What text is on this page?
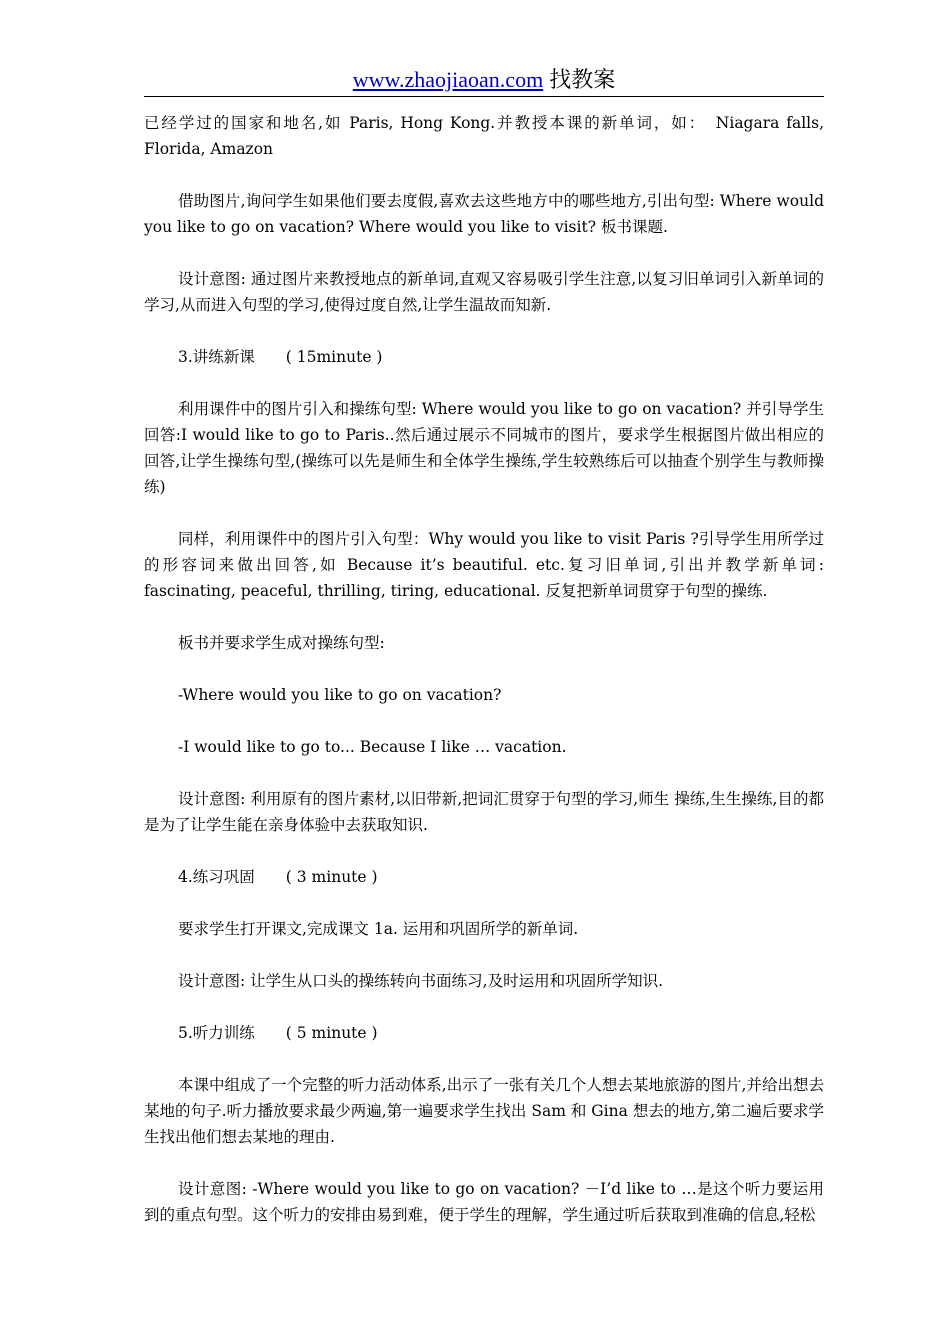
www.zhaojiaoan.com 找教案

已经学过的国家和地名,如 Paris, Hong Kong.并教授本课的新单词，如：　Niagara falls, Florida, Amazon

借助图片,询问学生如果他们要去度假,喜欢去这些地方中的哪些地方,引出句型: Where would you like to go on vacation? Where would you like to visit? 板书课题.

设计意图: 通过图片来教授地点的新单词,直观又容易吸引学生注意,以复习旧单词引入新单词的学习,从而进入句型的学习,使得过度自然,让学生温故而知新.

3.讲练新课　　( 15minute )

利用课件中的图片引入和操练句型: Where would you like to go on vacation? 并引导学生回答:I would like to go to Paris..然后通过展示不同城市的图片，要求学生根据图片做出相应的回答,让学生操练句型,(操练可以先是师生和全体学生操练,学生较熟练后可以抽查个别学生与教师操练)

同样，利用课件中的图片引入句型：Why would you like to visit Paris ?引导学生用所学过的形容词来做出回答,如 Because it’s beautiful. etc.复习旧单词,引出并教学新单词: fascinating, peaceful, thrilling, tiring, educational. 反复把新单词贯穿于句型的操练.

板书并要求学生成对操练句型:

-Where would you like to go on vacation?

-I would like to go to... Because I like … vacation.

设计意图: 利用原有的图片素材,以旧带新,把词汇贯穿于句型的学习,师生 操练,生生操练,目的都是为了让学生能在亲身体验中去获取知识.

4.练习巩固　　( 3 minute )

要求学生打开课文,完成课文 1a. 运用和巩固所学的新单词.

设计意图: 让学生从口头的操练转向书面练习,及时运用和巩固所学知识.

5.听力训练　　( 5 minute )

本课中组成了一个完整的听力活动体系,出示了一张有关几个人想去某地旅游的图片,并给出想去某地的句子.听力播放要求最少两遍,第一遍要求学生找出 Sam 和 Gina 想去的地方,第二遍后要求学生找出他们想去某地的理由.

设计意图: -Where would you like to go on vacation? －I’d like to …是这个听力要运用到的重点句型。这个听力的安排由易到难，便于学生的理解，学生通过听后获取到准确的信息,轻松
